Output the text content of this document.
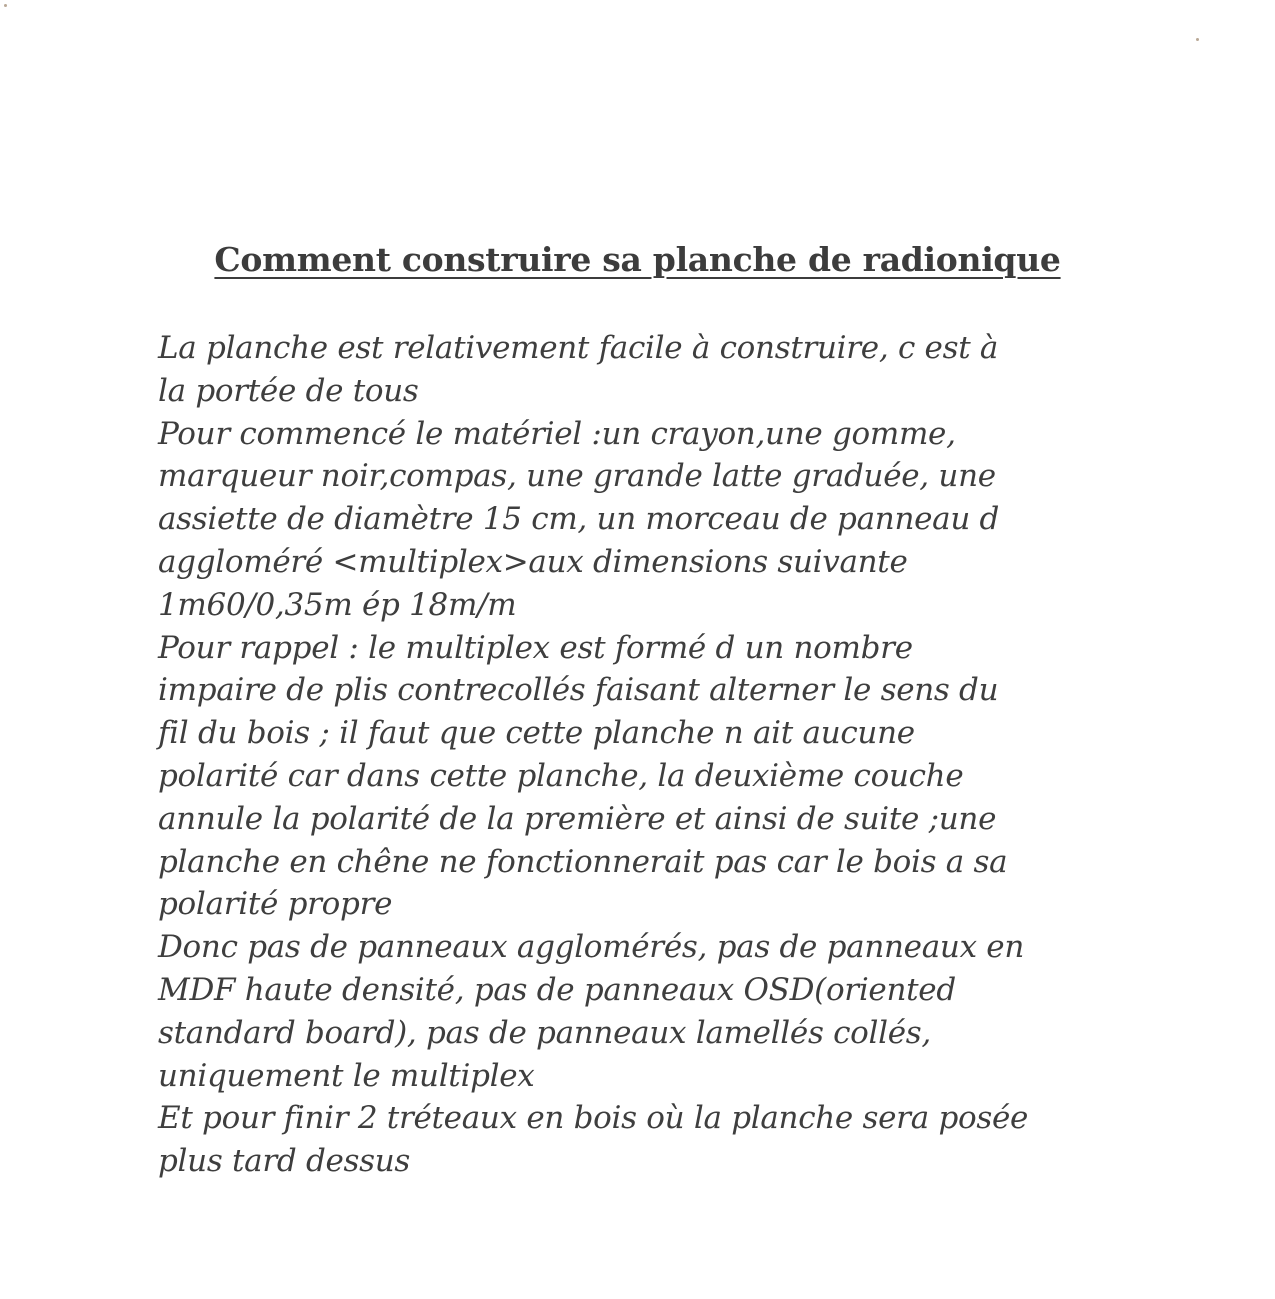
Comment construire sa planche de radionique
La planche est relativement facile à construire, c est à
la portée de tous
Pour commencé le matériel :un crayon,une gomme,
marqueur noir,compas, une grande latte graduée, une
assiette de diamètre 15 cm, un morceau de panneau d
aggloméré <multiplex>aux dimensions suivante
1m60/0,35m ép 18m/m
Pour rappel : le multiplex est formé d un nombre
impaire de plis contrecollés faisant alterner le sens du
fil du bois ; il faut que cette planche n ait aucune
polarité car dans cette planche, la deuxième couche
annule la polarité de la première et ainsi de suite ;une
planche en chêne ne fonctionnerait pas car le bois a sa
polarité propre
Donc pas de panneaux agglomérés, pas de panneaux en
MDF haute densité, pas de panneaux OSD(oriented
standard board), pas de panneaux lamellés collés,
uniquement le multiplex
Et pour finir 2 tréteaux en bois où la planche sera posée
plus tard dessus
